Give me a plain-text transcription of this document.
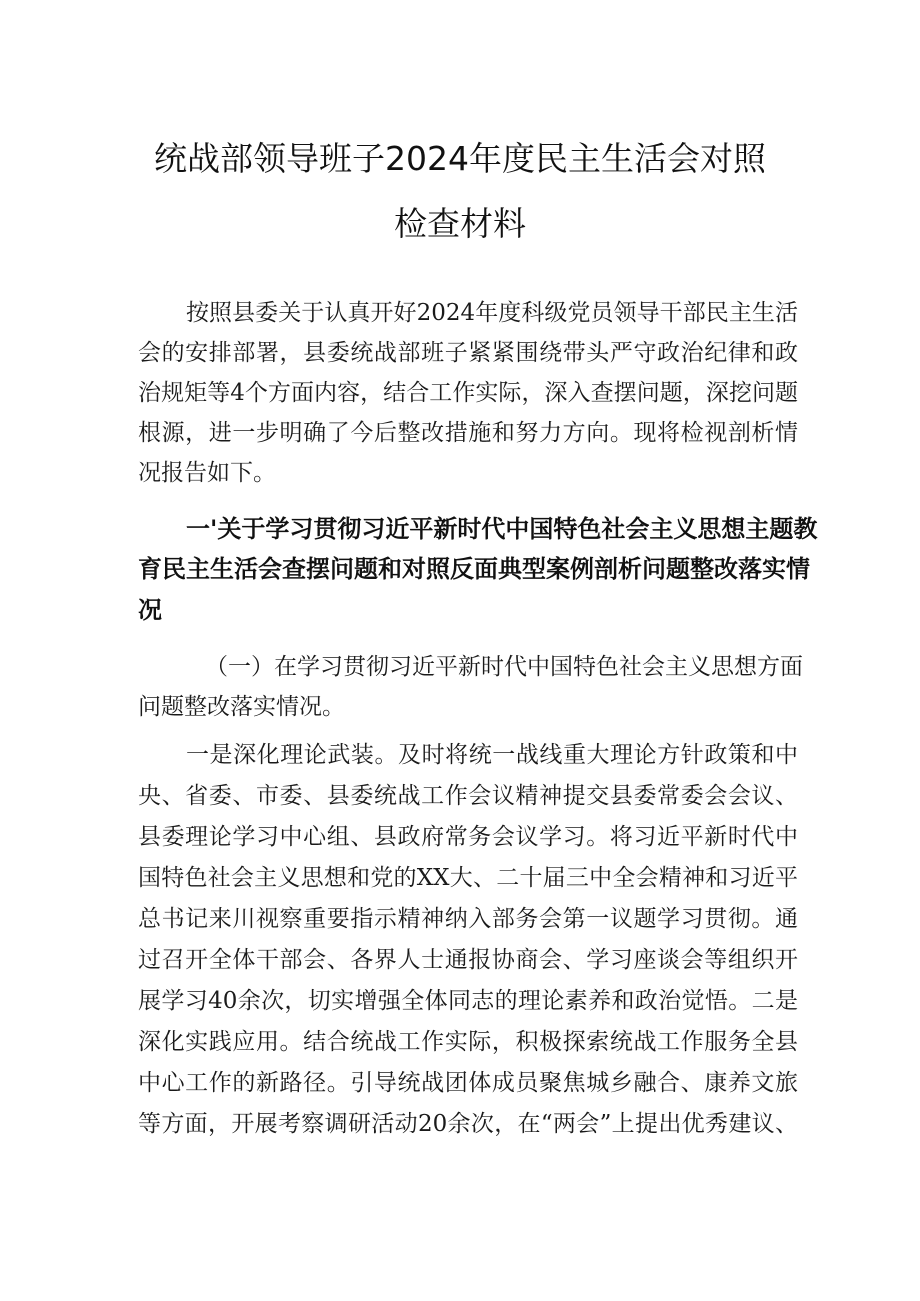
统战部领导班子2024年度民主生活会对照
检查材料

按照县委关于认真开好2024年度科级党员领导干部民主生活

会的安排部署，县委统战部班子紧紧围绕带头严守政治纪律和政

治规矩等4个方面内容，结合工作实际，深入查摆问题，深挖问题

根源，进一步明确了今后整改措施和努力方向。现将检视剖析情

况报告如下。

一'关于学习贯彻习近平新时代中国特色社会主义思想主题教
育民主生活会查摆问题和对照反面典型案例剖析问题整改落实情
况

（一）在学习贯彻习近平新时代中国特色社会主义思想方面

问题整改落实情况。

一是深化理论武装。及时将统一战线重大理论方针政策和中

央、省委、市委、县委统战工作会议精神提交县委常委会会议、

县委理论学习中心组、县政府常务会议学习。将习近平新时代中

国特色社会主义思想和党的XX大、二十届三中全会精神和习近平

总书记来川视察重要指示精神纳入部务会第一议题学习贯彻。通

过召开全体干部会、各界人士通报协商会、学习座谈会等组织开

展学习40余次，切实增强全体同志的理论素养和政治觉悟。二是

深化实践应用。结合统战工作实际，积极探索统战工作服务全县

中心工作的新路径。引导统战团体成员聚焦城乡融合、康养文旅

等方面，开展考察调研活动20余次，在“两会”上提出优秀建议、
